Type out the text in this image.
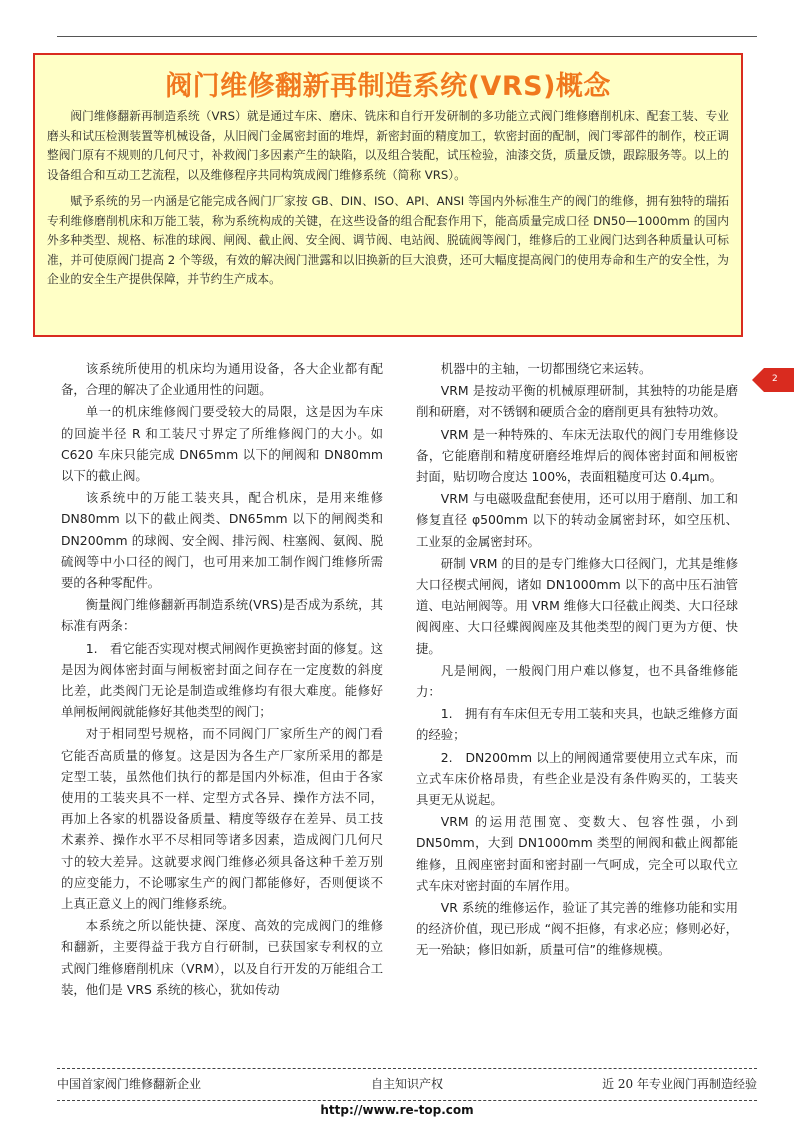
阀门维修翻新再制造系统(VRS)概念

阀门维修翻新再制造系统（VRS）就是通过车床、磨床、铣床和自行开发研制的多功能立式阀门维修磨削机床、配套工装、专业磨头和试压检测装置等机械设备，从旧阀门金属密封面的堆焊，新密封面的精度加工，软密封面的配制，阀门零部件的制作，校正调整阀门原有不规则的几何尺寸，补救阀门多因素产生的缺陷，以及组合装配，试压检验，油漆交货，质量反馈，跟踪服务等。以上的设备组合和互动工艺流程，以及维修程序共同构筑成阀门维修系统（简称 VRS）。

赋予系统的另一内涵是它能完成各阀门厂家按 GB、DIN、ISO、API、ANSI 等国内外标准生产的阀门的维修，拥有独特的瑞拓专利维修磨削机床和万能工装，称为系统构成的关键，在这些设备的组合配套作用下，能高质量完成口径 DN50—1000mm 的国内外多种类型、规格、标准的球阀、闸阀、截止阀、安全阀、调节阀、电站阀、脱硫阀等阀门，维修后的工业阀门达到各种质量认可标准，并可使原阀门提高 2 个等级，有效的解决阀门泄露和以旧换新的巨大浪费，还可大幅度提高阀门的使用寿命和生产的安全性，为企业的安全生产提供保障，并节约生产成本。

该系统所使用的机床均为通用设备，各大企业都有配备，合理的解决了企业通用性的问题。

单一的机床维修阀门要受较大的局限，这是因为车床的回旋半径 R 和工装尺寸界定了所维修阀门的大小。如 C620 车床只能完成 DN65mm 以下的闸阀和 DN80mm 以下的截止阀。

该系统中的万能工装夹具，配合机床，是用来维修 DN80mm 以下的截止阀类、DN65mm 以下的闸阀类和 DN200mm 的球阀、安全阀、排污阀、柱塞阀、氨阀、脱硫阀等中小口径的阀门，也可用来加工制作阀门维修所需要的各种零配件。

衡量阀门维修翻新再制造系统(VRS)是否成为系统，其标准有两条：

1.　看它能否实现对楔式闸阀作更换密封面的修复。这是因为阀体密封面与闸板密封面之间存在一定度数的斜度比差，此类阀门无论是制造或维修均有很大难度。能修好单闸板闸阀就能修好其他类型的阀门；

对于相同型号规格，而不同阀门厂家所生产的阀门看它能否高质量的修复。这是因为各生产厂家所采用的都是定型工装，虽然他们执行的都是国内外标准，但由于各家使用的工装夹具不一样、定型方式各异、操作方法不同，再加上各家的机器设备质量、精度等级存在差异、员工技术素养、操作水平不尽相同等诸多因素，造成阀门几何尺寸的较大差异。这就要求阀门维修必须具备这种千差万别的应变能力，不论哪家生产的阀门都能修好，否则便谈不上真正意义上的阀门维修系统。

本系统之所以能快捷、深度、高效的完成阀门的维修和翻新，主要得益于我方自行研制，已获国家专利权的立式阀门维修磨削机床（VRM），以及自行开发的万能组合工装，他们是 VRS 系统的核心，犹如传动

机器中的主轴，一切都围绕它来运转。

VRM 是按动平衡的机械原理研制，其独特的功能是磨削和研磨，对不锈钢和硬质合金的磨削更具有独特功效。

VRM 是一种特殊的、车床无法取代的阀门专用维修设备，它能磨削和精度研磨经堆焊后的阀体密封面和闸板密封面，贴切吻合度达 100%，表面粗糙度可达 0.4μm。

VRM 与电磁吸盘配套使用，还可以用于磨削、加工和修复直径 φ500mm 以下的转动金属密封环，如空压机、工业泵的金属密封环。

研制 VRM 的目的是专门维修大口径阀门，尤其是维修大口径楔式闸阀，诸如 DN1000mm 以下的高中压石油管道、电站闸阀等。用 VRM 维修大口径截止阀类、大口径球阀阀座、大口径蝶阀阀座及其他类型的阀门更为方便、快捷。

凡是闸阀，一般阀门用户难以修复，也不具备维修能力：

1.　拥有有车床但无专用工装和夹具，也缺乏维修方面的经验；

2.　DN200mm 以上的闸阀通常要使用立式车床，而立式车床价格昂贵，有些企业是没有条件购买的，工装夹具更无从说起。

VRM 的运用范围宽、变数大、包容性强，小到 DN50mm，大到 DN1000mm 类型的闸阀和截止阀都能维修，且阀座密封面和密封副一气呵成，完全可以取代立式车床对密封面的车屑作用。

VR 系统的维修运作，验证了其完善的维修功能和实用的经济价值，现已形成 “阀不拒修，有求必应；修则必好，无一殆缺；修旧如新，质量可信”的维修规模。

2
中国首家阀门维修翻新企业	自主知识产权	近 20 年专业阀门再制造经验
http://www.re-top.com
